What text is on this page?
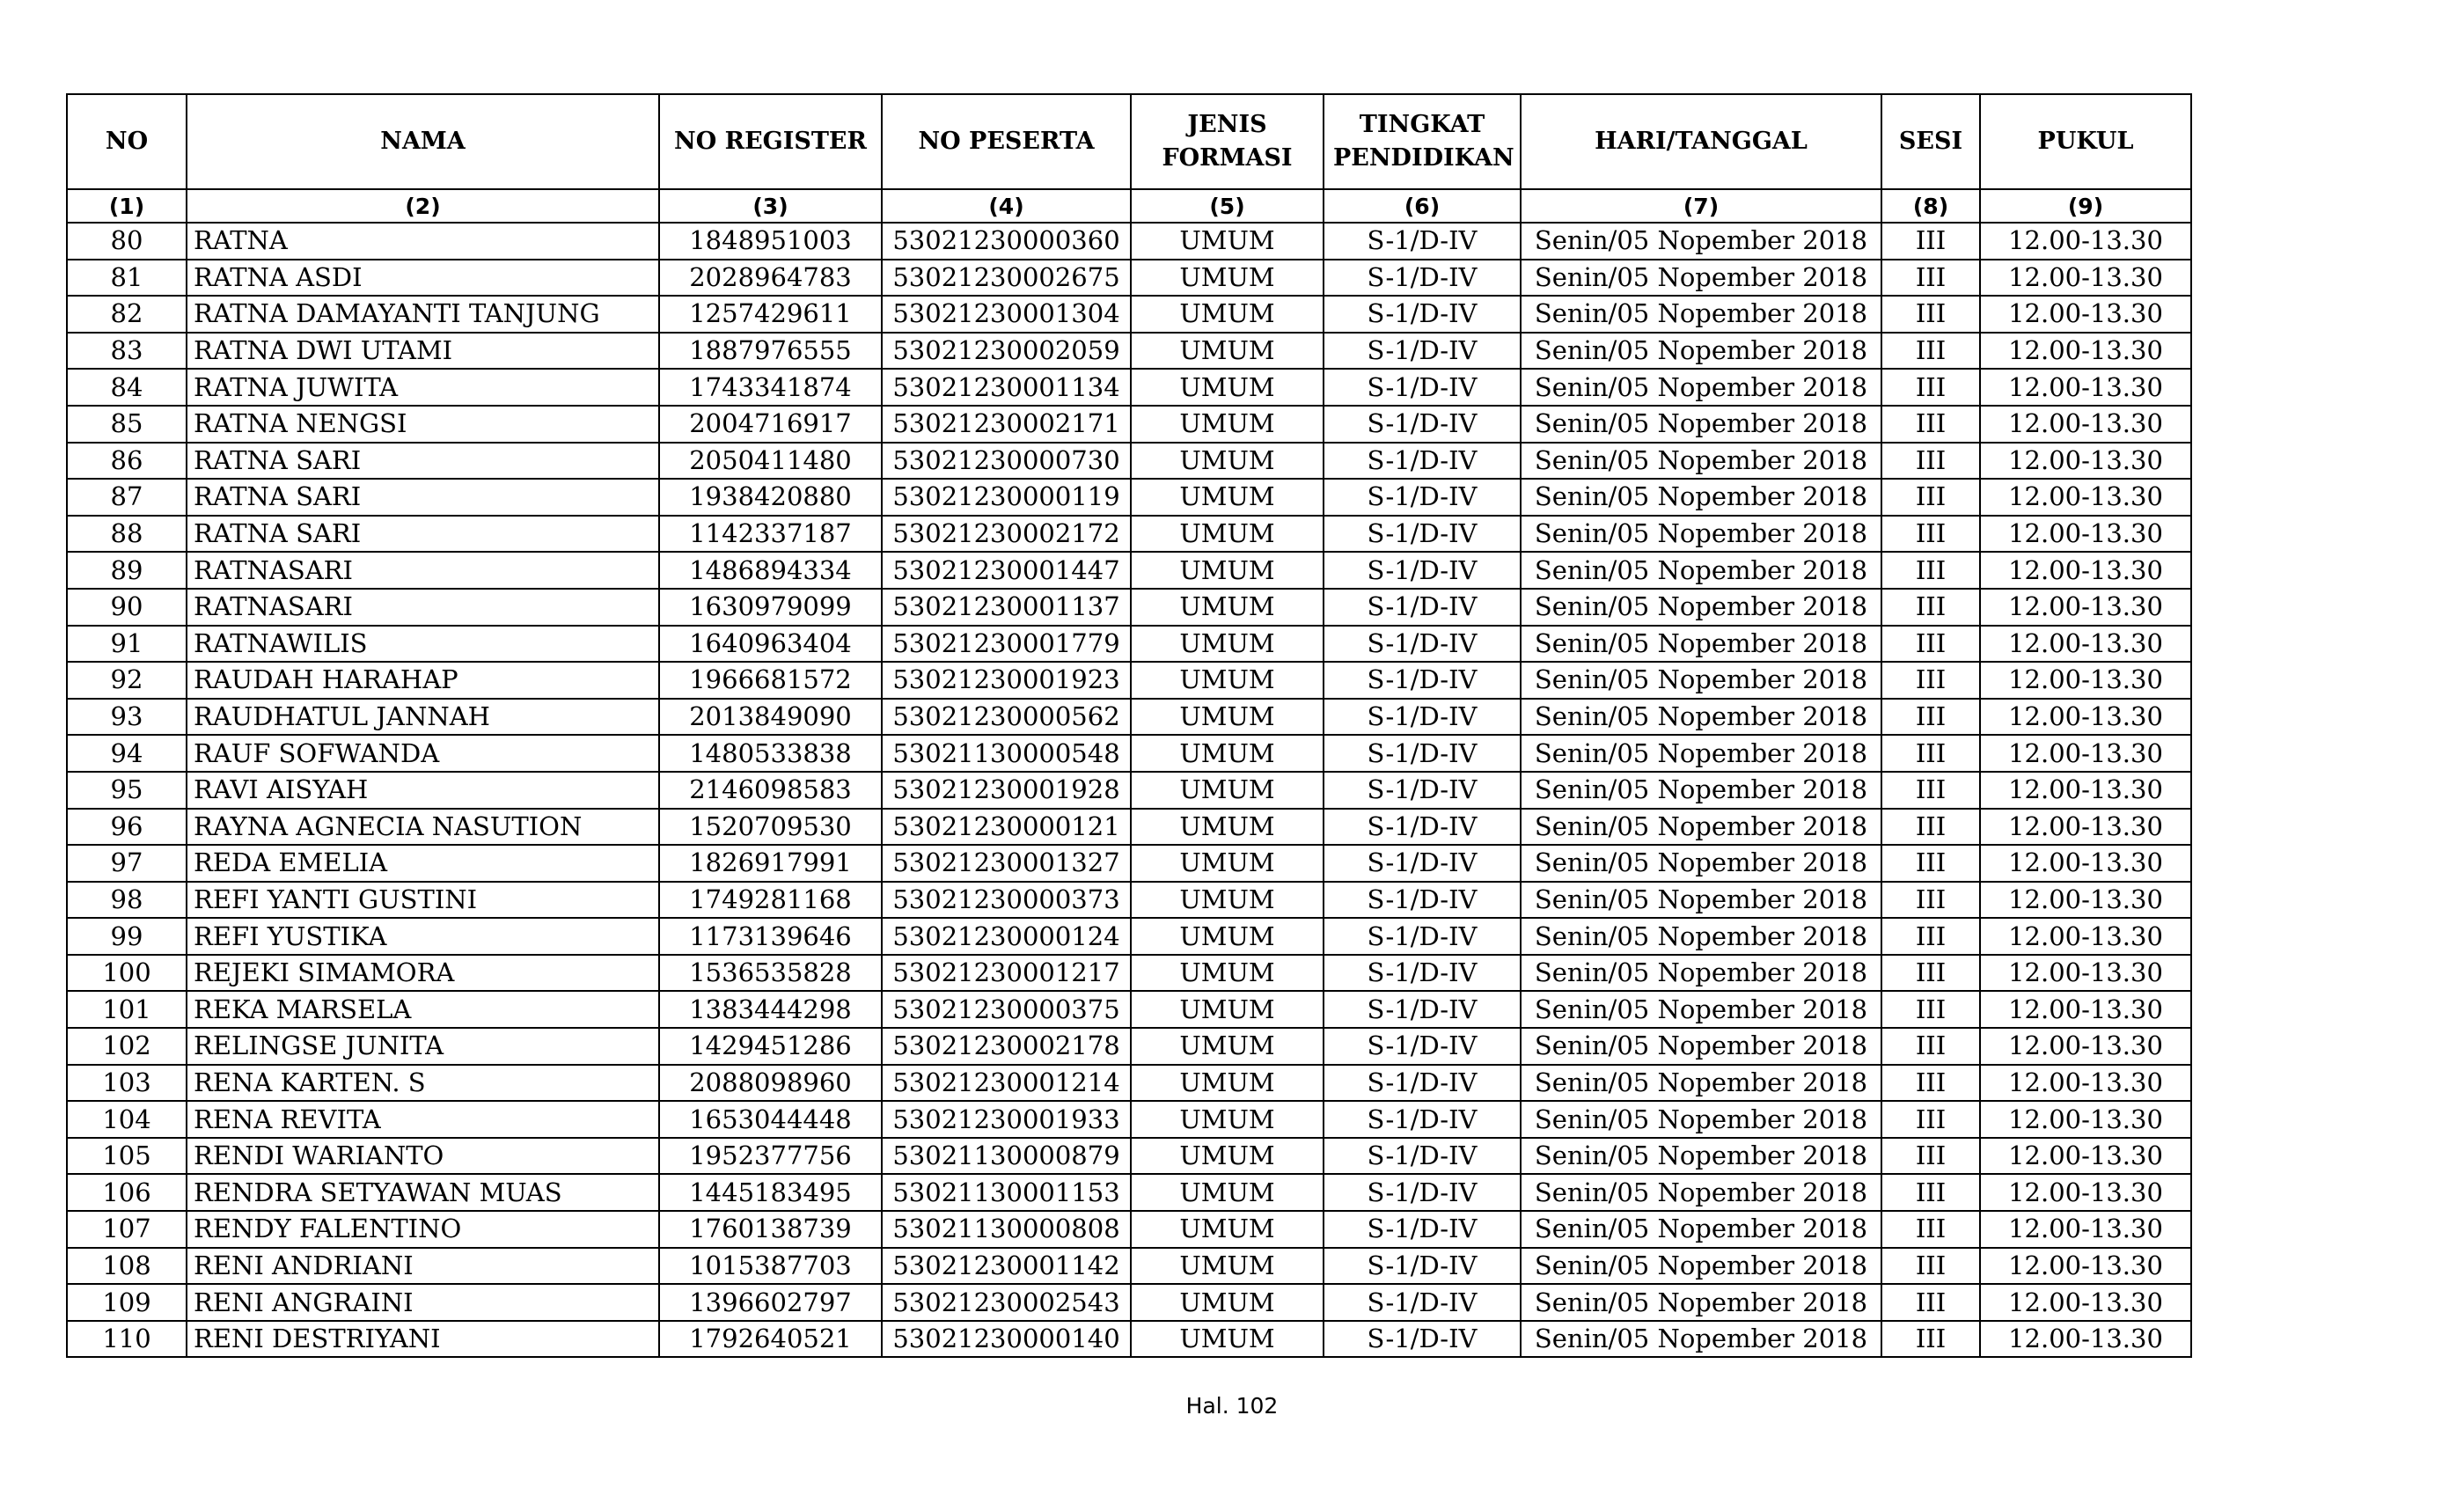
NO	NAMA	NO REGISTER	NO PESERTA	JENIS FORMASI	TINGKAT PENDIDIKAN	HARI/TANGGAL	SESI	PUKUL
(1)	(2)	(3)	(4)	(5)	(6)	(7)	(8)	(9)
80	RATNA	1848951003	53021230000360	UMUM	S-1/D-IV	Senin/05 Nopember 2018	III	12.00-13.30
81	RATNA ASDI	2028964783	53021230002675	UMUM	S-1/D-IV	Senin/05 Nopember 2018	III	12.00-13.30
82	RATNA DAMAYANTI TANJUNG	1257429611	53021230001304	UMUM	S-1/D-IV	Senin/05 Nopember 2018	III	12.00-13.30
83	RATNA DWI UTAMI	1887976555	53021230002059	UMUM	S-1/D-IV	Senin/05 Nopember 2018	III	12.00-13.30
84	RATNA JUWITA	1743341874	53021230001134	UMUM	S-1/D-IV	Senin/05 Nopember 2018	III	12.00-13.30
85	RATNA NENGSI	2004716917	53021230002171	UMUM	S-1/D-IV	Senin/05 Nopember 2018	III	12.00-13.30
86	RATNA SARI	2050411480	53021230000730	UMUM	S-1/D-IV	Senin/05 Nopember 2018	III	12.00-13.30
87	RATNA SARI	1938420880	53021230000119	UMUM	S-1/D-IV	Senin/05 Nopember 2018	III	12.00-13.30
88	RATNA SARI	1142337187	53021230002172	UMUM	S-1/D-IV	Senin/05 Nopember 2018	III	12.00-13.30
89	RATNASARI	1486894334	53021230001447	UMUM	S-1/D-IV	Senin/05 Nopember 2018	III	12.00-13.30
90	RATNASARI	1630979099	53021230001137	UMUM	S-1/D-IV	Senin/05 Nopember 2018	III	12.00-13.30
91	RATNAWILIS	1640963404	53021230001779	UMUM	S-1/D-IV	Senin/05 Nopember 2018	III	12.00-13.30
92	RAUDAH HARAHAP	1966681572	53021230001923	UMUM	S-1/D-IV	Senin/05 Nopember 2018	III	12.00-13.30
93	RAUDHATUL JANNAH	2013849090	53021230000562	UMUM	S-1/D-IV	Senin/05 Nopember 2018	III	12.00-13.30
94	RAUF SOFWANDA	1480533838	53021130000548	UMUM	S-1/D-IV	Senin/05 Nopember 2018	III	12.00-13.30
95	RAVI AISYAH	2146098583	53021230001928	UMUM	S-1/D-IV	Senin/05 Nopember 2018	III	12.00-13.30
96	RAYNA AGNECIA NASUTION	1520709530	53021230000121	UMUM	S-1/D-IV	Senin/05 Nopember 2018	III	12.00-13.30
97	REDA EMELIA	1826917991	53021230001327	UMUM	S-1/D-IV	Senin/05 Nopember 2018	III	12.00-13.30
98	REFI YANTI GUSTINI	1749281168	53021230000373	UMUM	S-1/D-IV	Senin/05 Nopember 2018	III	12.00-13.30
99	REFI YUSTIKA	1173139646	53021230000124	UMUM	S-1/D-IV	Senin/05 Nopember 2018	III	12.00-13.30
100	REJEKI SIMAMORA	1536535828	53021230001217	UMUM	S-1/D-IV	Senin/05 Nopember 2018	III	12.00-13.30
101	REKA MARSELA	1383444298	53021230000375	UMUM	S-1/D-IV	Senin/05 Nopember 2018	III	12.00-13.30
102	RELINGSE JUNITA	1429451286	53021230002178	UMUM	S-1/D-IV	Senin/05 Nopember 2018	III	12.00-13.30
103	RENA KARTEN. S	2088098960	53021230001214	UMUM	S-1/D-IV	Senin/05 Nopember 2018	III	12.00-13.30
104	RENA REVITA	1653044448	53021230001933	UMUM	S-1/D-IV	Senin/05 Nopember 2018	III	12.00-13.30
105	RENDI WARIANTO	1952377756	53021130000879	UMUM	S-1/D-IV	Senin/05 Nopember 2018	III	12.00-13.30
106	RENDRA SETYAWAN MUAS	1445183495	53021130001153	UMUM	S-1/D-IV	Senin/05 Nopember 2018	III	12.00-13.30
107	RENDY FALENTINO	1760138739	53021130000808	UMUM	S-1/D-IV	Senin/05 Nopember 2018	III	12.00-13.30
108	RENI ANDRIANI	1015387703	53021230001142	UMUM	S-1/D-IV	Senin/05 Nopember 2018	III	12.00-13.30
109	RENI ANGRAINI	1396602797	53021230002543	UMUM	S-1/D-IV	Senin/05 Nopember 2018	III	12.00-13.30
110	RENI DESTRIYANI	1792640521	53021230000140	UMUM	S-1/D-IV	Senin/05 Nopember 2018	III	12.00-13.30
Hal. 102
